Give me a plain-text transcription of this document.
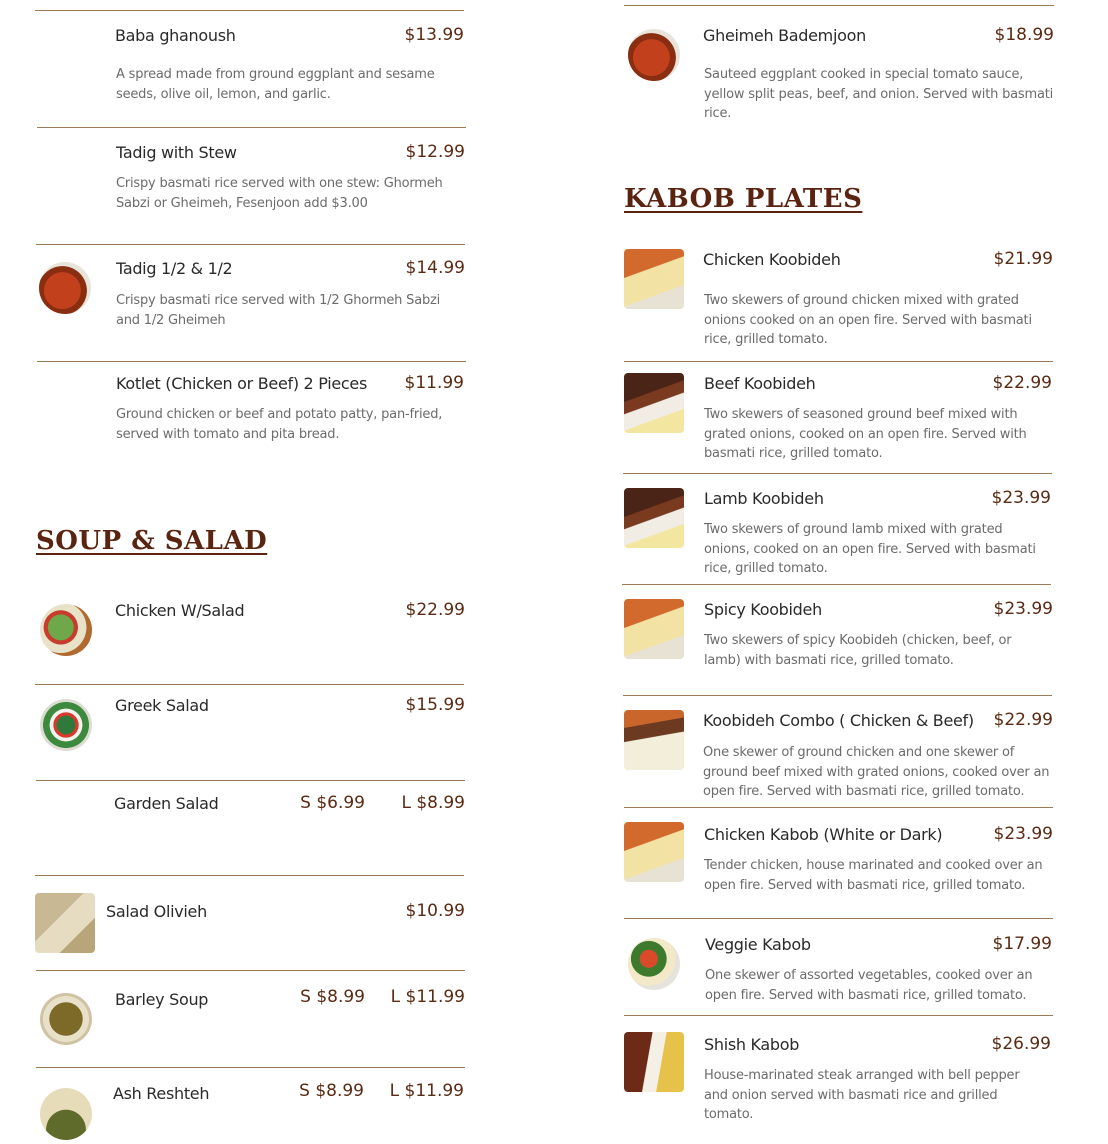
Baba ghanoush	$13.99
A spread made from ground eggplant and sesame seeds, olive oil, lemon, and garlic.
Tadig with Stew	$12.99
Crispy basmati rice served with one stew: Ghormeh Sabzi or Gheimeh, Fesenjoon add $3.00
Tadig 1/2 & 1/2	$14.99
Crispy basmati rice served with 1/2 Ghormeh Sabzi and 1/2 Gheimeh
Kotlet (Chicken or Beef) 2 Pieces $11.99
Ground chicken or beef and potato patty, pan-fried, served with tomato and pita bread.
SOUP & SALAD
Chicken W/Salad	$22.99
Greek Salad	$15.99
Garden Salad	S $6.99 L $8.99
Salad Olivieh	$10.99
Barley Soup	S $8.99 L $11.99
Ash Reshteh	S $8.99 L $11.99
Gheimeh Bademjoon	$18.99
Sauteed eggplant cooked in special tomato sauce, yellow split peas, beef, and onion. Served with basmati rice.
KABOB PLATES
Chicken Koobideh	$21.99
Two skewers of ground chicken mixed with grated onions cooked on an open fire. Served with basmati rice, grilled tomato.
Beef Koobideh	$22.99
Two skewers of seasoned ground beef mixed with grated onions, cooked on an open fire. Served with basmati rice, grilled tomato.
Lamb Koobideh	$23.99
Two skewers of ground lamb mixed with grated onions, cooked on an open fire. Served with basmati rice, grilled tomato.
Spicy Koobideh	$23.99
Two skewers of spicy Koobideh (chicken, beef, or lamb) with basmati rice, grilled tomato.
Koobideh Combo ( Chicken & Beef) $22.99
One skewer of ground chicken and one skewer of ground beef mixed with grated onions, cooked over an open fire. Served with basmati rice, grilled tomato.
Chicken Kabob (White or Dark)	$23.99
Tender chicken, house marinated and cooked over an open fire. Served with basmati rice, grilled tomato.
Veggie Kabob	$17.99
One skewer of assorted vegetables, cooked over an open fire. Served with basmati rice, grilled tomato.
Shish Kabob	$26.99
House-marinated steak arranged with bell pepper and onion served with basmati rice and grilled tomato.
